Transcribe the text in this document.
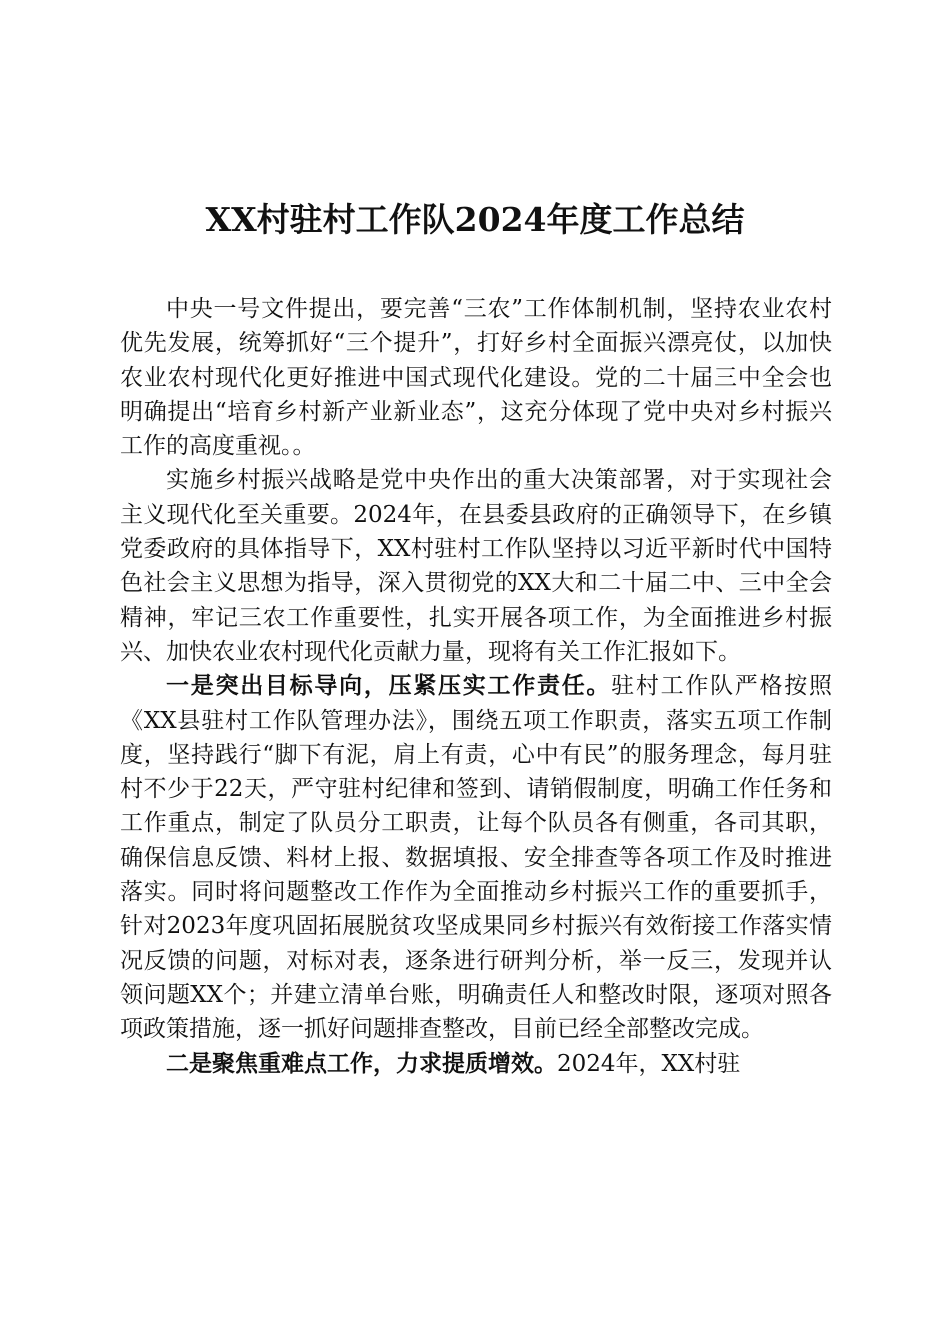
XX村驻村工作队2024年度工作总结

中央一号文件提出，要完善“三农”工作体制机制，坚持农业农村优先发展，统筹抓好“三个提升”，打好乡村全面振兴漂亮仗，以加快农业农村现代化更好推进中国式现代化建设。党的二十届三中全会也明确提出“培育乡村新产业新业态”，这充分体现了党中央对乡村振兴工作的高度重视。。

实施乡村振兴战略是党中央作出的重大决策部署，对于实现社会主义现代化至关重要。2024年，在县委县政府的正确领导下，在乡镇党委政府的具体指导下，XX村驻村工作队坚持以习近平新时代中国特色社会主义思想为指导，深入贯彻党的XX大和二十届二中、三中全会精神，牢记三农工作重要性，扎实开展各项工作，为全面推进乡村振兴、加快农业农村现代化贡献力量，现将有关工作汇报如下。

一是突出目标导向，压紧压实工作责任。驻村工作队严格按照《XX县驻村工作队管理办法》，围绕五项工作职责，落实五项工作制度，坚持践行“脚下有泥，肩上有责，心中有民”的服务理念，每月驻村不少于22天，严守驻村纪律和签到、请销假制度，明确工作任务和工作重点，制定了队员分工职责，让每个队员各有侧重，各司其职，确保信息反馈、料材上报、数据填报、安全排查等各项工作及时推进落实。同时将问题整改工作作为全面推动乡村振兴工作的重要抓手，针对2023年度巩固拓展脱贫攻坚成果同乡村振兴有效衔接工作落实情况反馈的问题，对标对表，逐条进行研判分析，举一反三，发现并认领问题XX个；并建立清单台账，明确责任人和整改时限，逐项对照各项政策措施，逐一抓好问题排查整改，目前已经全部整改完成。

二是聚焦重难点工作，力求提质增效。2024年，XX村驻
